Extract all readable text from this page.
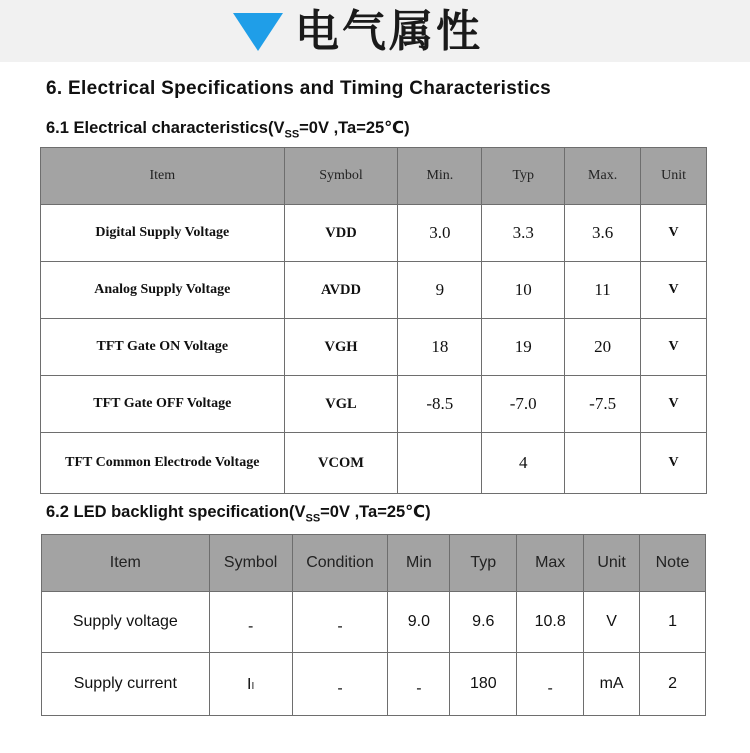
电气属性
6. Electrical Specifications and Timing Characteristics
6.1 Electrical $characteristics(V_{SS}=0V$ ,Ta=25℃)
Item	Symbol	Min.	Typ	Max.	Unit
Digital Supply Voltage	VDD	3.0	3.3	3.6	V
Analog Supply Voltage	AVDD	9	10	11	V
TFT Gate ON Voltage	VGH	18	19	20	V
TFT Gate OFF Voltage	VGL	-8.5	-7.0	-7.5	V
TFT Common Electrode Voltage	VCOM		4		V
6.2 LED backlight $specification(V_{SS}=0V$ ,Ta=25℃)
Item	Symbol	Condition	Min	Typ	Max	Unit	Note
Supply voltage	-	-	9.0	9.6	10.8	V	1
Supply current	Iₗ	-	-	180	-	mA	2
